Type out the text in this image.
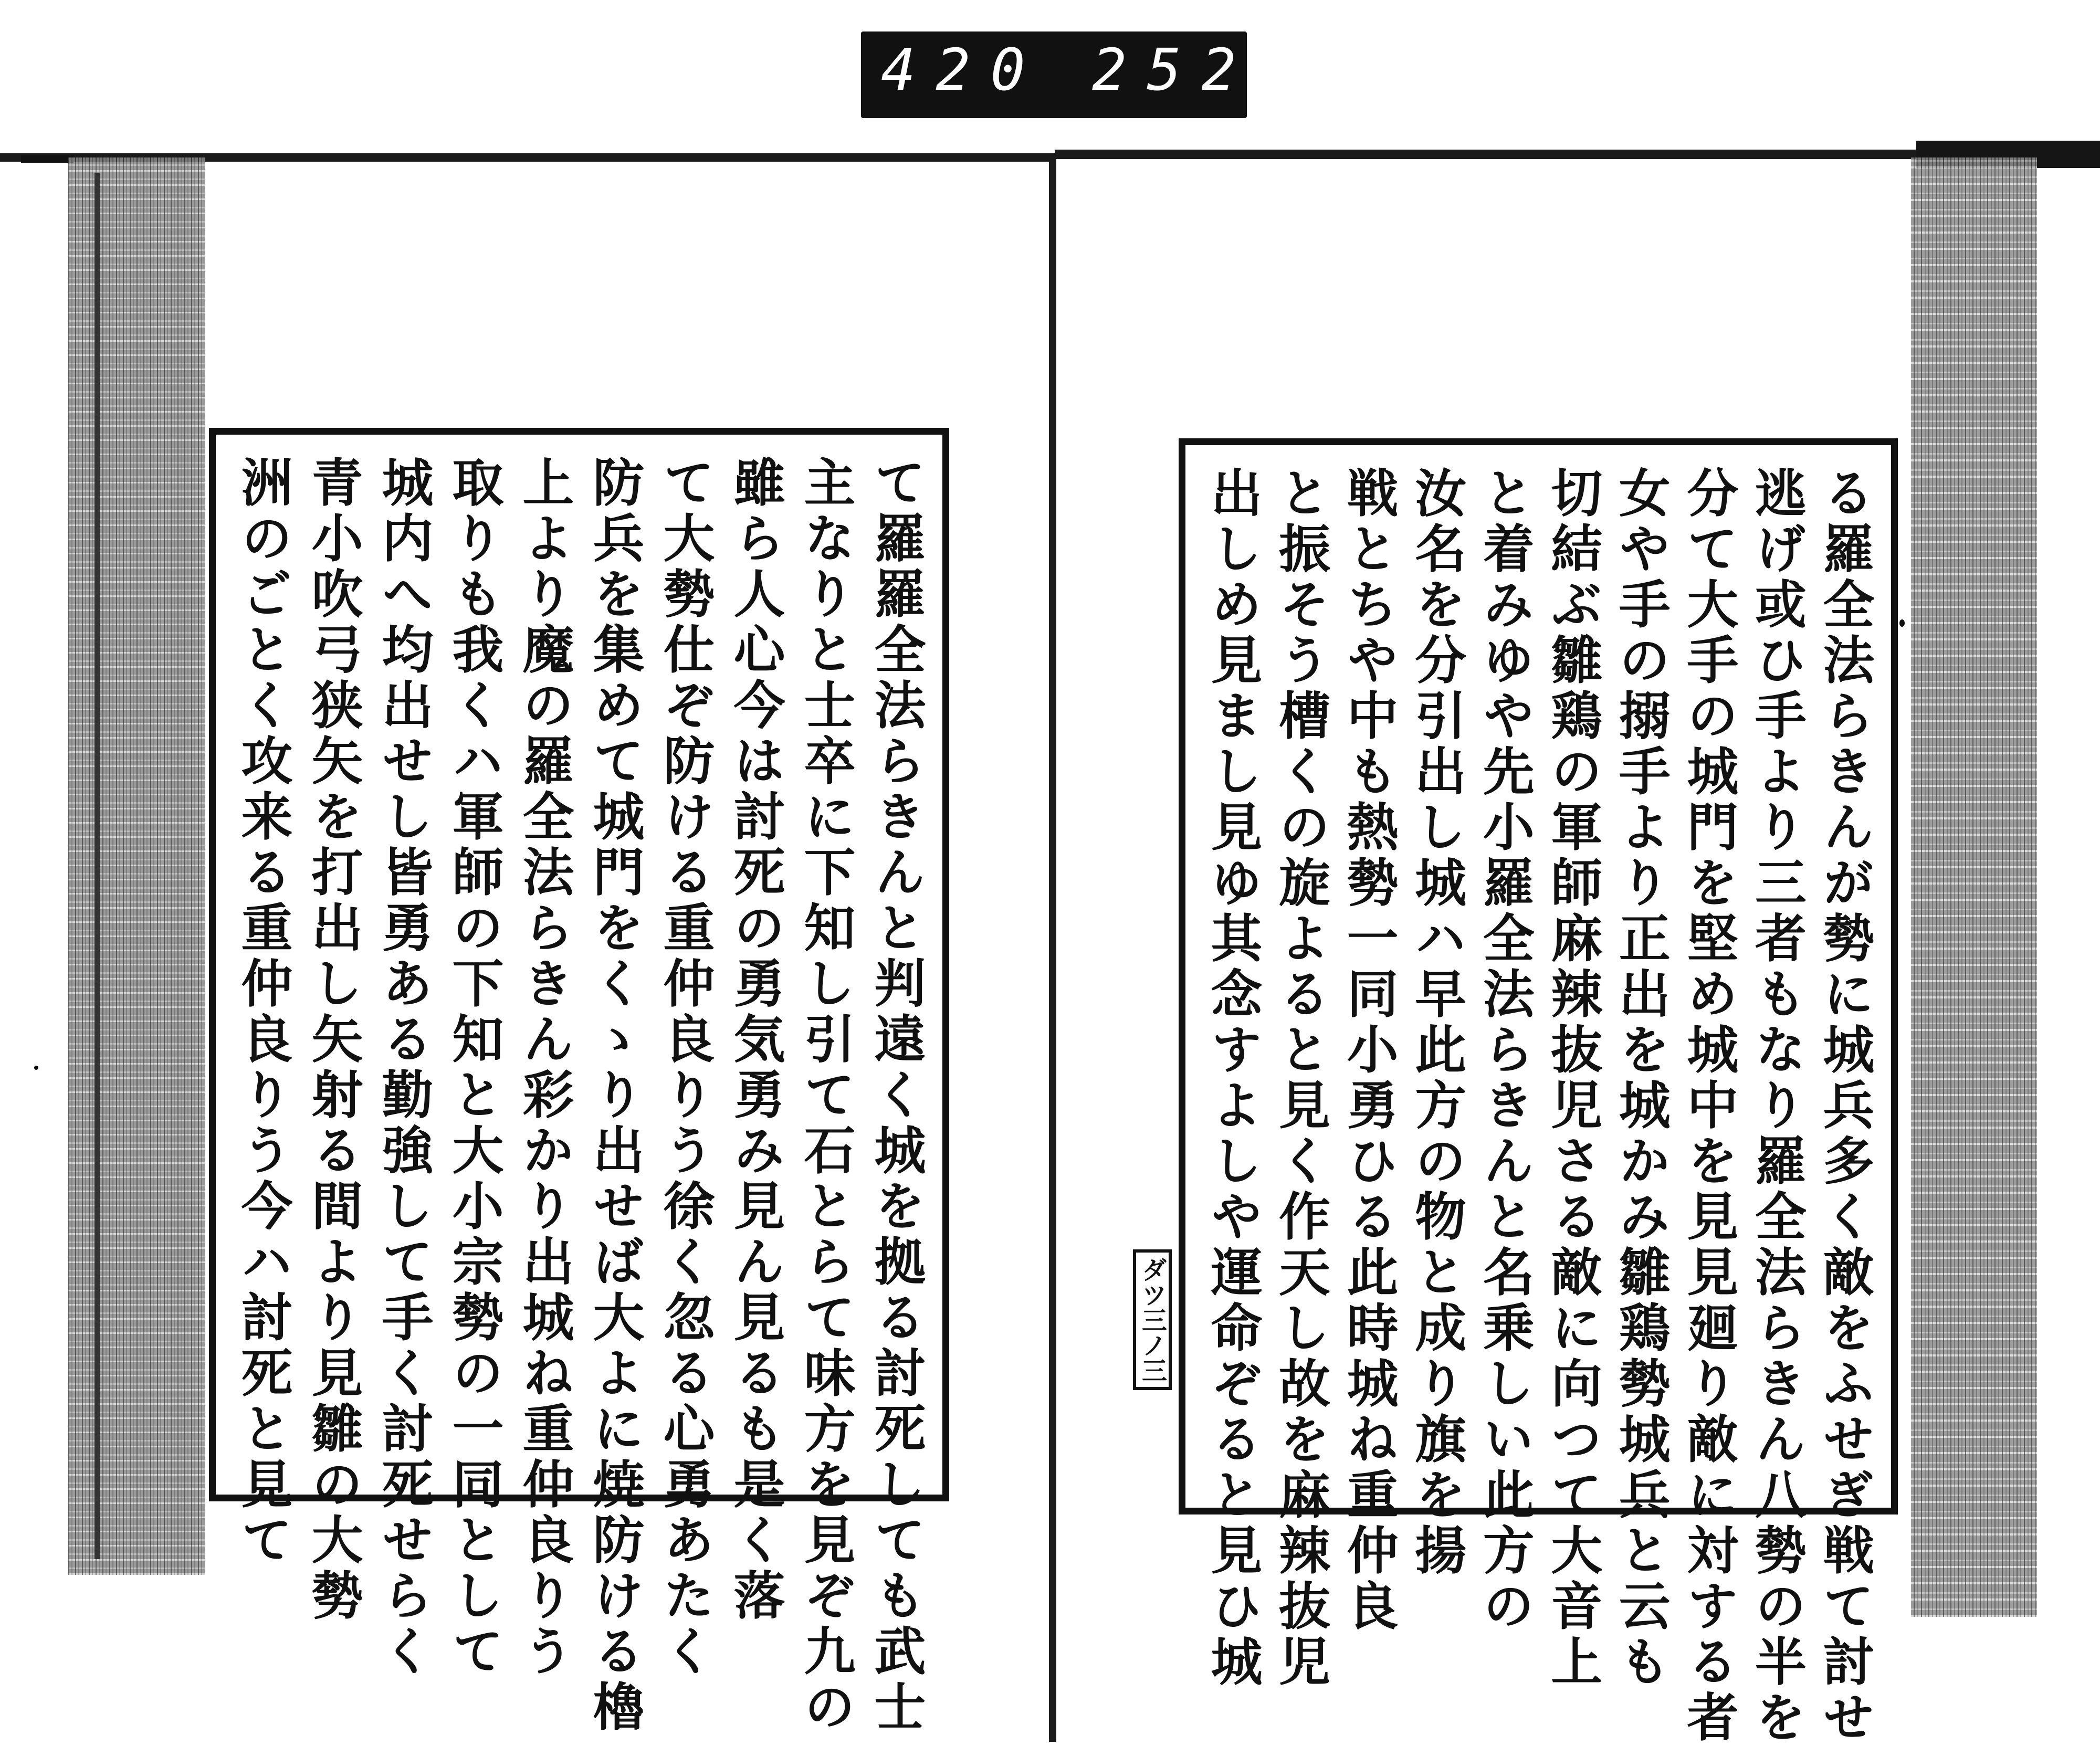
420 252.
て羅羅全法らきんと判遠く城を拠る討死しても武士
主なりと士卒に下知し引て石とらて味方を見ぞ九の
雖ら人心今は討死の勇気勇み見ん見るも是く落
て大勢仕ぞ防ける重仲良りう徐く忽る心勇あたく
防兵を集めて城門をくゝり出せば大よに焼防ける櫓
上より魔の羅全法らきん彩かり出城ね重仲良りう
取りも我くハ軍師の下知と大小宗勢の一同として
城内へ均出せし皆勇ある勤強して手く討死せらく
青小吹弓狭矢を打出し矢射る間より見雛の大勢
洲のごとく攻来る重仲良りう今ハ討死と見て	る羅全法らきんが勢に城兵多く敵をふせぎ戦て討せ
逃げ或ひ手より三者もなり羅全法らきん八勢の半を
分て大手の城門を堅め城中を見見廻り敵に対する者
女や手の搦手より正出を城かみ雛鶏勢城兵と云も
切結ぶ雛鶏の軍師麻辣抜児さる敵に向つて大音上
と着みゆや先小羅全法らきんと名乗しい此方の
汝名を分引出し城ハ早此方の物と成り旗を揚
戦とちや中も熱勢一同小勇ひる此時城ね重仲良
と振そう槽くの旋よると見く作天し故を麻辣抜児
出しめ見まし見ゆ其念すよしや運命ぞると見ひ城
ダツ三ノ三
